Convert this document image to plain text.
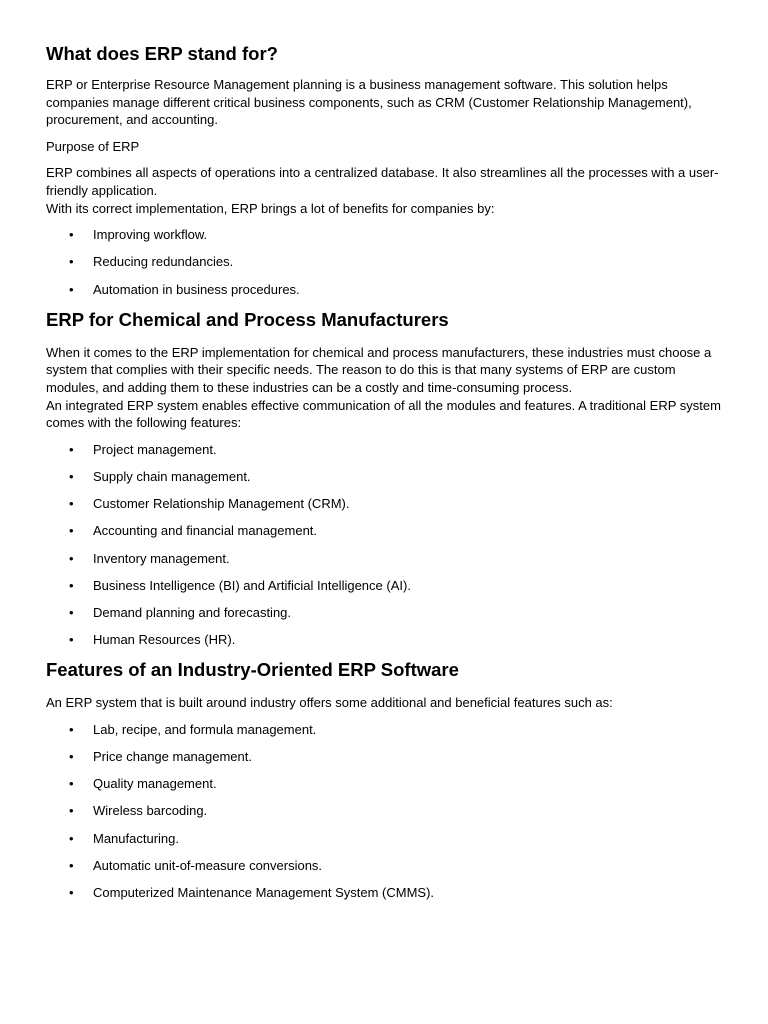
What does ERP stand for?

ERP or Enterprise Resource Management planning is a business management software. This solution helps companies manage different critical business components, such as CRM (Customer Relationship Management), procurement, and accounting.

Purpose of ERP

ERP combines all aspects of operations into a centralized database. It also streamlines all the processes with a user-friendly application.

With its correct implementation, ERP brings a lot of benefits for companies by:

• Improving workflow.
• Reducing redundancies.
• Automation in business procedures.
ERP for Chemical and Process Manufacturers

When it comes to the ERP implementation for chemical and process manufacturers, these industries must choose a system that complies with their specific needs. The reason to do this is that many systems of ERP are custom modules, and adding them to these industries can be a costly and time-consuming process.

An integrated ERP system enables effective communication of all the modules and features. A traditional ERP system comes with the following features:

• Project management.
• Supply chain management.
• Customer Relationship Management (CRM).
• Accounting and financial management.
• Inventory management.
• Business Intelligence (BI) and Artificial Intelligence (AI).
• Demand planning and forecasting.
• Human Resources (HR).
Features of an Industry-Oriented ERP Software

An ERP system that is built around industry offers some additional and beneficial features such as:

• Lab, recipe, and formula management.
• Price change management.
• Quality management.
• Wireless barcoding.
• Manufacturing.
• Automatic unit-of-measure conversions.
• Computerized Maintenance Management System (CMMS).
